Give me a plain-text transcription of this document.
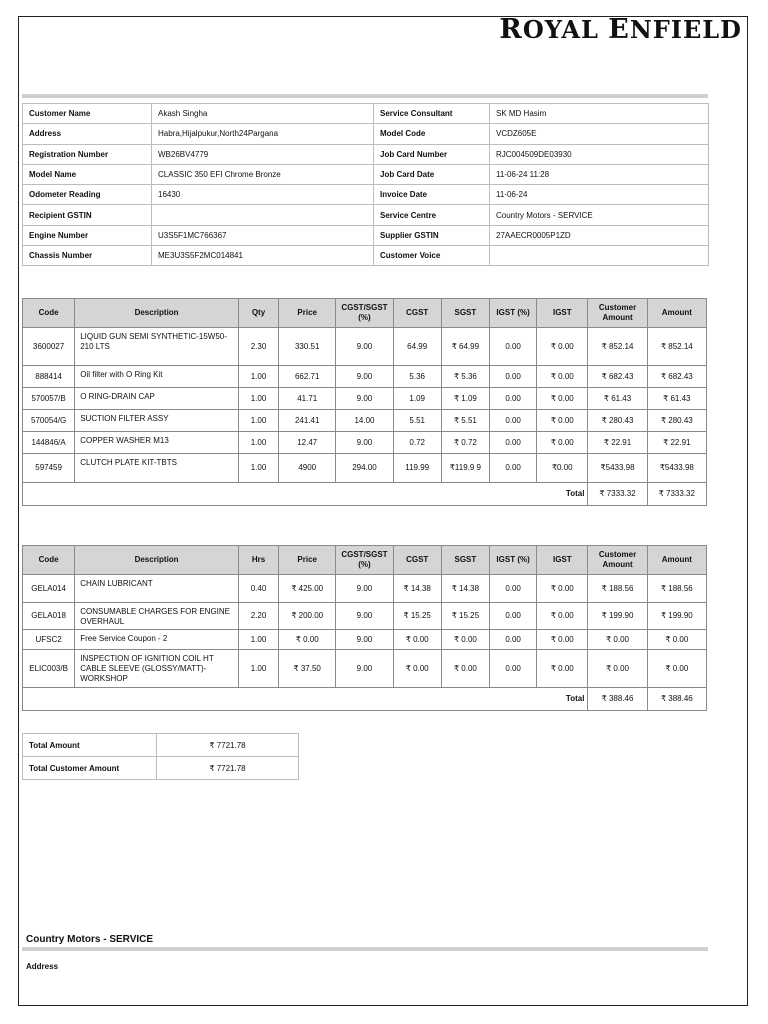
ROYAL ENFIELD
Customer Name	Akash Singha	Service Consultant	SK MD Hasim
Address	Habra,Hijalpukur,North24Pargana	Model Code	VCDZ605E
Registration Number	WB26BV4779	Job Card Number	RJC004509DE03930
Model Name	CLASSIC 350 EFI Chrome Bronze	Job Card Date	11-06-24 11:28
Odometer Reading	16430	Invoice Date	11-06-24
Recipient GSTIN		Service Centre	Country Motors - SERVICE
Engine Number	U3S5F1MC766367	Supplier GSTIN	27AAECR0005P1ZD
Chassis Number	ME3U3S5F2MC014841	Customer Voice	
Code	Description	Qty	Price	CGST/SGST (%)	CGST	SGST	IGST (%)	IGST	Customer Amount	Amount
3600027	LIQUID GUN SEMI SYNTHETIC-15W50-210 LTS	2.30	330.51	9.00	64.99	₹ 64.99	0.00	₹ 0.00	₹ 852.14	₹ 852.14
888414	Oil filter with O Ring Kit	1.00	662.71	9.00	5.36	₹ 5.36	0.00	₹ 0.00	₹ 682.43	₹ 682.43
570057/B	O RING-DRAIN CAP	1.00	41.71	9.00	1.09	₹ 1.09	0.00	₹ 0.00	₹ 61.43	₹ 61.43
570054/G	SUCTION FILTER ASSY	1.00	241.41	14.00	5.51	₹ 5.51	0.00	₹ 0.00	₹ 280.43	₹ 280.43
144846/A	COPPER WASHER M13	1.00	12.47	9.00	0.72	₹ 0.72	0.00	₹ 0.00	₹ 22.91	₹ 22.91
597459	CLUTCH PLATE KIT-TBTS	1.00	4900	294.00	119.99	₹119.9 9	0.00	₹0.00	₹5433.98	₹5433.98
								Total	₹ 7333.32	₹ 7333.32
Code	Description	Hrs	Price	CGST/SGST (%)	CGST	SGST	IGST (%)	IGST	Customer Amount	Amount
GELA014	CHAIN LUBRICANT	0.40	₹ 425.00	9.00	₹ 14.38	₹ 14.38	0.00	₹ 0.00	₹ 188.56	₹ 188.56
GELA018	CONSUMABLE CHARGES FOR ENGINE OVERHAUL	2.20	₹ 200.00	9.00	₹ 15.25	₹ 15.25	0.00	₹ 0.00	₹ 199.90	₹ 199.90
UFSC2	Free Service Coupon - 2	1.00	₹ 0.00	9.00	₹ 0.00	₹ 0.00	0.00	₹ 0.00	₹ 0.00	₹ 0.00
ELIC003/B	INSPECTION OF IGNITION COIL HT CABLE SLEEVE (GLOSSY/MATT)-WORKSHOP	1.00	₹ 37.50	9.00	₹ 0.00	₹ 0.00	0.00	₹ 0.00	₹ 0.00	₹ 0.00
								Total	₹ 388.46	₹ 388.46
Total Amount	₹ 7721.78
Total Customer Amount	₹ 7721.78
Country Motors - SERVICE
Address
